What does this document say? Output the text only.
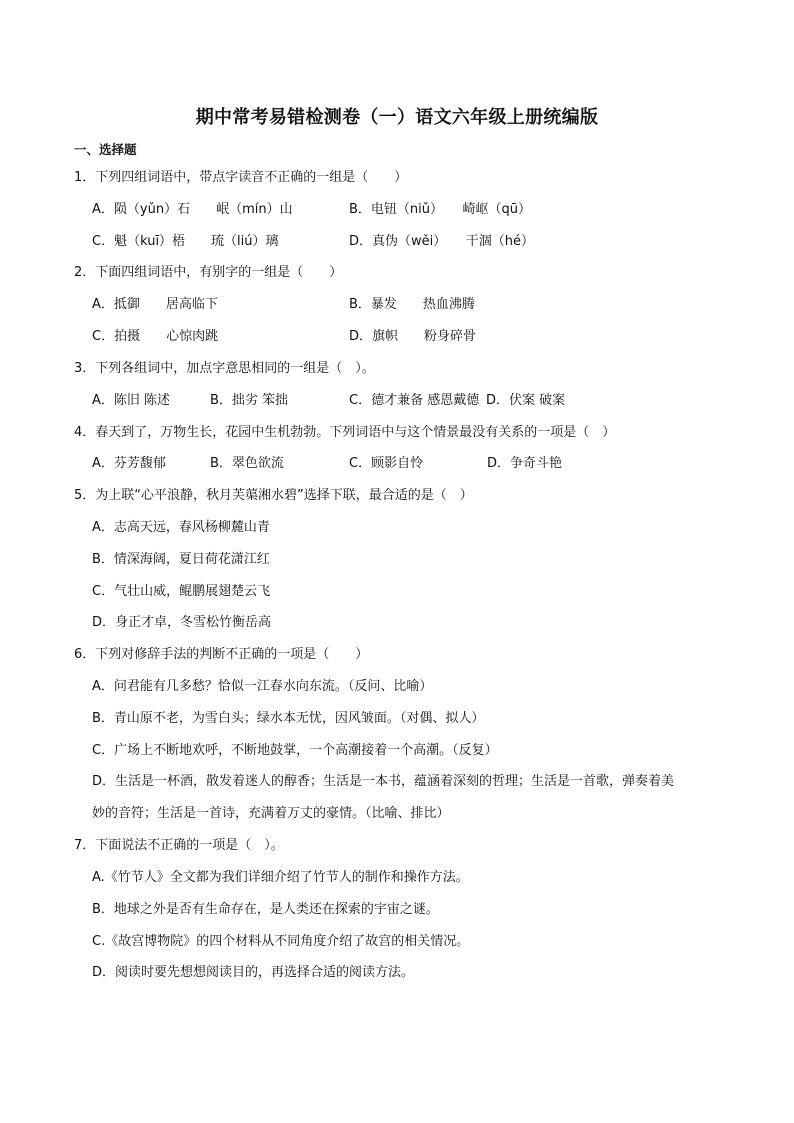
期中常考易错检测卷（一）语文六年级上册统编版
一、选择题
1．下列四组词语中，带点字读音不正确的一组是（　　）
A．陨（yǔn）石　　岷（mín）山	B．电钮（niǔ）　　崎岖（qū）
C．魁（kuī）梧　　琉（liú）璃	D．真伪（wěi）　　干涸（hé）
2．下面四组词语中，有别字的一组是（　　）
A．抵御　　居高临下	B．暴发　　热血沸腾
C．拍摄　　心惊肉跳	D．旗帜　　粉身碎骨
3．下列各组词中，加点字意思相同的一组是（　）。
A．陈旧 陈述	B．拙劣 笨拙	C．德才兼备 感恩戴德 D．伏案 破案
4．春天到了，万物生长，花园中生机勃勃。下列词语中与这个情景最没有关系的一项是（　）
A．芬芳馥郁	B．翠色欲流	C．顾影自怜	D．争奇斗艳
5．为上联“心平浪静，秋月芙蕖湘水碧”选择下联，最合适的是（　）
A．志高天远，春风杨柳麓山青
B．情深海阔，夏日荷花潇江红
C．气壮山威，鲲鹏展翅楚云飞
D．身正才卓，冬雪松竹衡岳高
6．下列对修辞手法的判断不正确的一项是（　　）
A．问君能有几多愁？恰似一江春水向东流。（反问、比喻）
B．青山原不老，为雪白头；绿水本无忧，因风皱面。（对偶、拟人）
C．广场上不断地欢呼，不断地鼓掌，一个高潮接着一个高潮。（反复）
D．生活是一杯酒，散发着迷人的醇香；生活是一本书，蕴涵着深刻的哲理；生活是一首歌，弹奏着美
妙的音符；生活是一首诗，充满着万丈的豪情。（比喻、排比）
7．下面说法不正确的一项是（　）。
A.《竹节人》全文都为我们详细介绍了竹节人的制作和操作方法。
B．地球之外是否有生命存在，是人类还在探索的宇宙之谜。
C.《故宫博物院》的四个材料从不同角度介绍了故宫的相关情况。
D．阅读时要先想想阅读目的，再选择合适的阅读方法。
